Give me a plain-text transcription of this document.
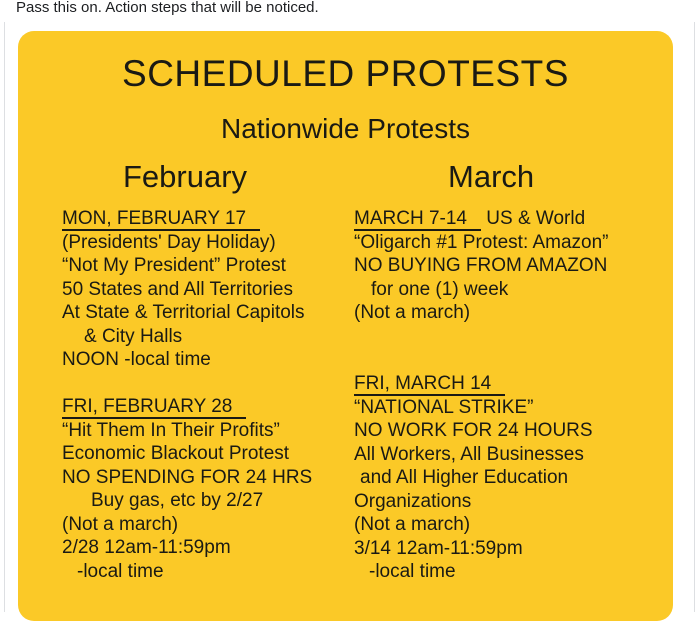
Pass this on. Action steps that will be noticed.
SCHEDULED PROTESTS
Nationwide Protests
February	March
MON, FEBRUARY 17
(Presidents' Day Holiday)
“Not My President” Protest
50 States and All Territories
At State & Territorial Capitols
& City Halls
NOON -local time
FRI, FEBRUARY 28
“Hit Them In Their Profits”
Economic Blackout Protest
NO SPENDING FOR 24 HRS
Buy gas, etc by 2/27
(Not a march)
2/28 12am-11:59pm
-local time
MARCH 7-14 US & World
“Oligarch #1 Protest: Amazon”
NO BUYING FROM AMAZON
for one (1) week
(Not a march)
FRI, MARCH 14
“NATIONAL STRIKE”
NO WORK FOR 24 HOURS
All Workers, All Businesses
and All Higher Education
Organizations
(Not a march)
3/14 12am-11:59pm
-local time
